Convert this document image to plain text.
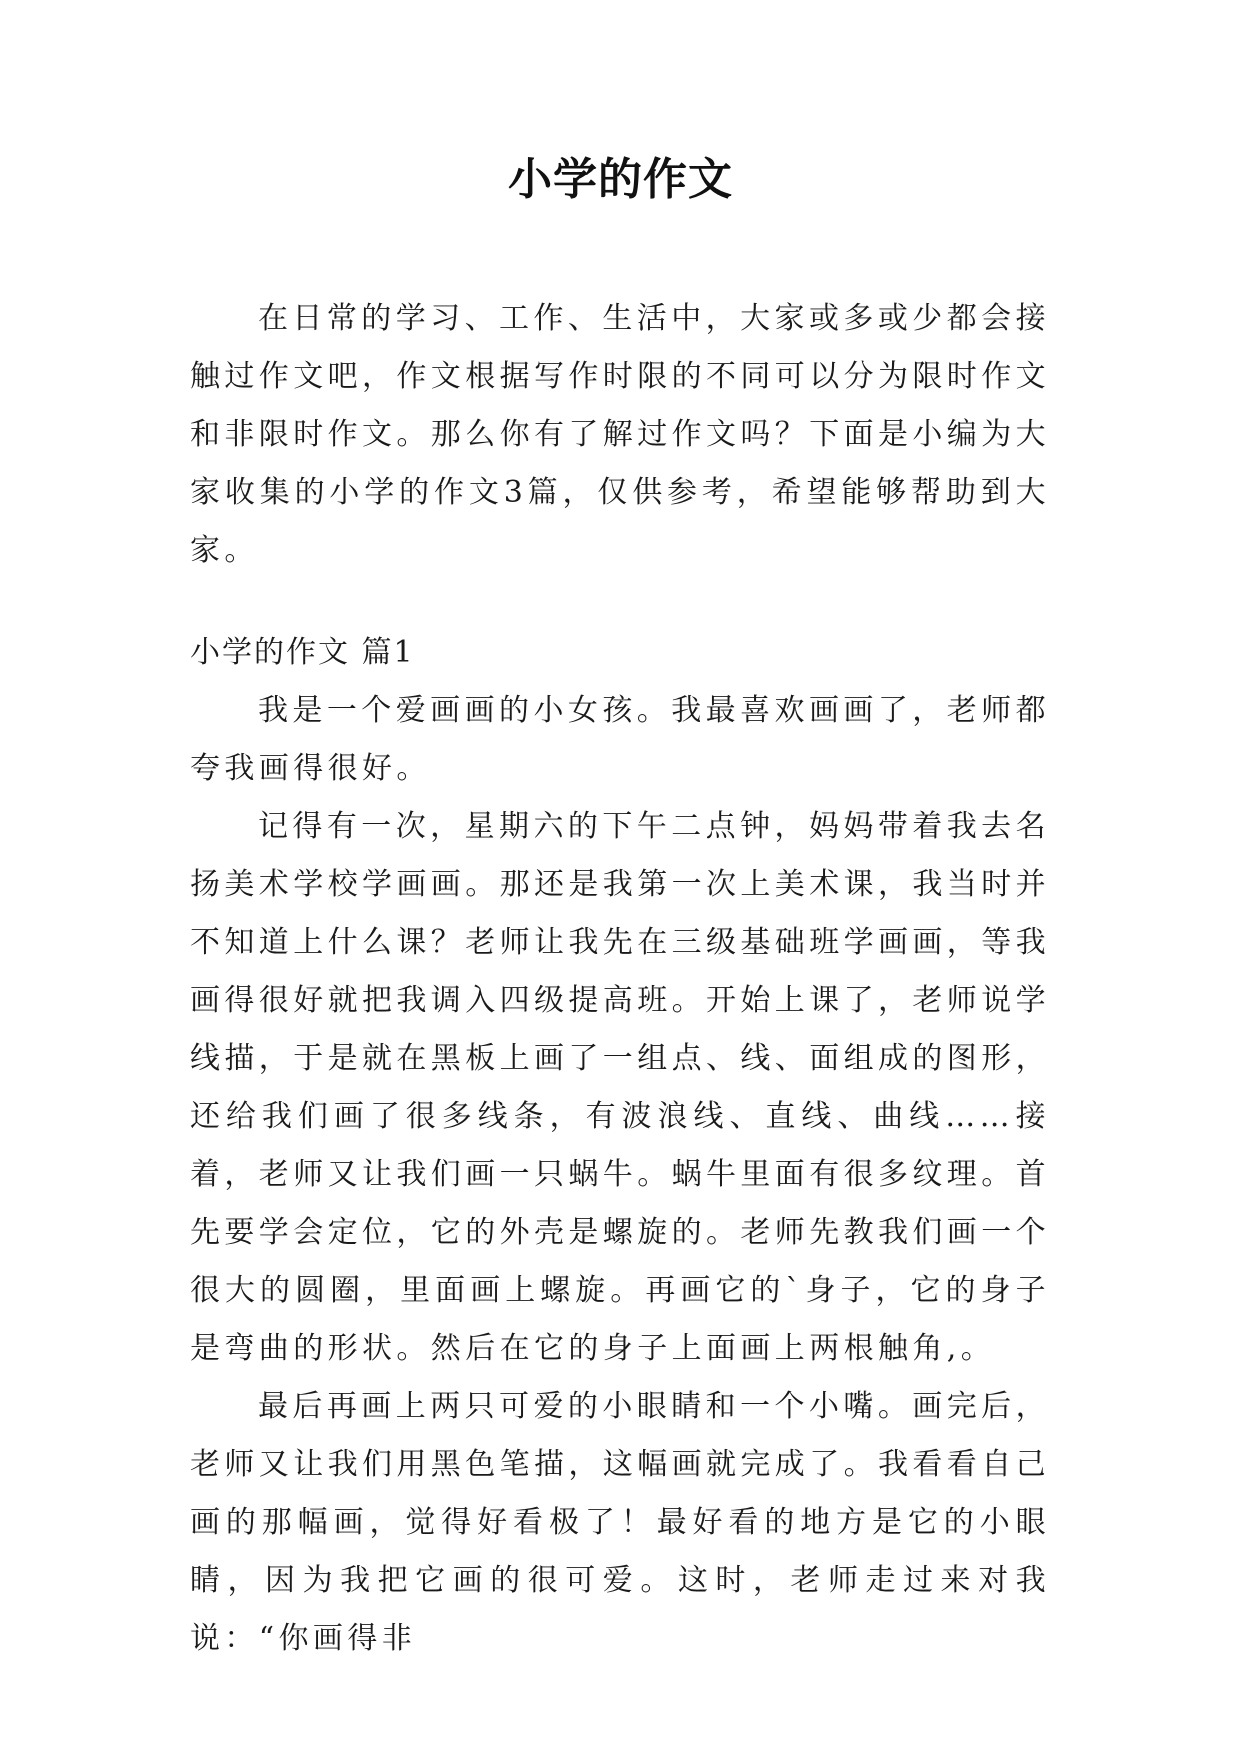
小学的作文

在日常的学习、工作、生活中，大家或多或少都会接触过作文吧，作文根据写作时限的不同可以分为限时作文和非限时作文。那么你有了解过作文吗？下面是小编为大家收集的小学的作文3篇，仅供参考，希望能够帮助到大家。

小学的作文 篇1

我是一个爱画画的小女孩。我最喜欢画画了，老师都夸我画得很好。

记得有一次，星期六的下午二点钟，妈妈带着我去名扬美术学校学画画。那还是我第一次上美术课，我当时并不知道上什么课？老师让我先在三级基础班学画画，等我画得很好就把我调入四级提高班。开始上课了，老师说学线描，于是就在黑板上画了一组点、线、面组成的图形，还给我们画了很多线条，有波浪线、直线、曲线……接着，老师又让我们画一只蜗牛。蜗牛里面有很多纹理。首先要学会定位，它的外壳是螺旋的。老师先教我们画一个很大的圆圈，里面画上螺旋。再画它的`身子，它的身子是弯曲的形状。然后在它的身子上面画上两根触角,。

最后再画上两只可爱的小眼睛和一个小嘴。画完后，老师又让我们用黑色笔描，这幅画就完成了。我看看自己画的那幅画，觉得好看极了！最好看的地方是它的小眼睛，因为我把它画的很可爱。这时，老师走过来对我说：“你画得非
